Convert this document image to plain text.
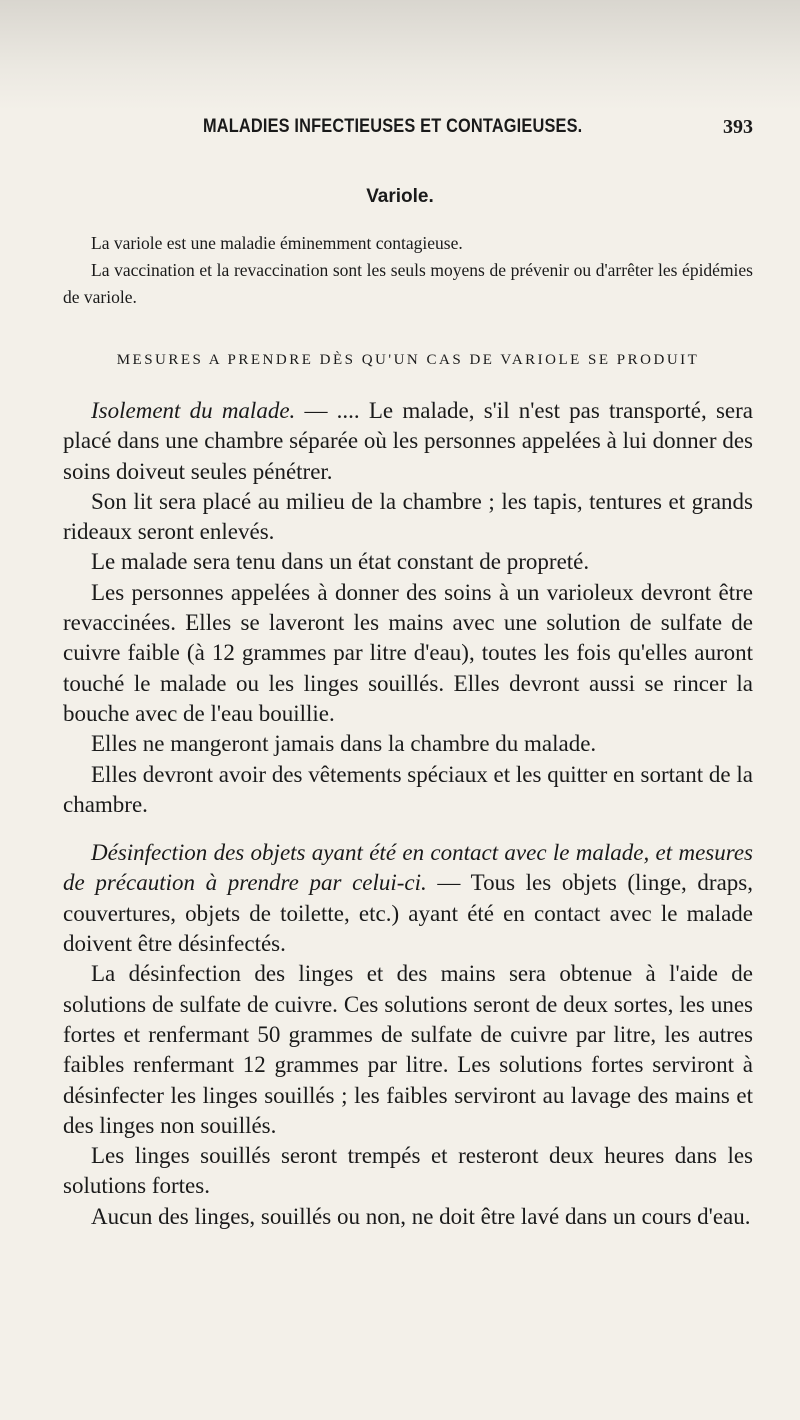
MALADIES INFECTIEUSES ET CONTAGIEUSES.	393
Variole.

La variole est une maladie éminemment contagieuse.

La vaccination et la revaccination sont les seuls moyens de prévenir ou d'arrêter les épidémies de variole.

MESURES A PRENDRE DÈS QU'UN CAS DE VARIOLE SE PRODUIT

Isolement du malade. — .... Le malade, s'il n'est pas transporté, sera placé dans une chambre séparée où les personnes appelées à lui donner des soins doiveut seules pénétrer.

Son lit sera placé au milieu de la chambre ; les tapis, tentures et grands rideaux seront enlevés.

Le malade sera tenu dans un état constant de propreté.

Les personnes appelées à donner des soins à un varioleux devront être revaccinées. Elles se laveront les mains avec une solution de sulfate de cuivre faible (à 12 grammes par litre d'eau), toutes les fois qu'elles auront touché le malade ou les linges souillés. Elles devront aussi se rincer la bouche avec de l'eau bouillie.

Elles ne mangeront jamais dans la chambre du malade.

Elles devront avoir des vêtements spéciaux et les quitter en sortant de la chambre.

Désinfection des objets ayant été en contact avec le malade, et mesures de précaution à prendre par celui-ci. — Tous les objets (linge, draps, couvertures, objets de toilette, etc.) ayant été en contact avec le malade doivent être désinfectés.

La désinfection des linges et des mains sera obtenue à l'aide de solutions de sulfate de cuivre. Ces solutions seront de deux sortes, les unes fortes et renfermant 50 grammes de sulfate de cuivre par litre, les autres faibles renfermant 12 grammes par litre. Les solutions fortes serviront à désinfecter les linges souillés ; les faibles serviront au lavage des mains et des linges non souillés.

Les linges souillés seront trempés et resteront deux heures dans les solutions fortes.

Aucun des linges, souillés ou non, ne doit être lavé dans un cours d'eau.
